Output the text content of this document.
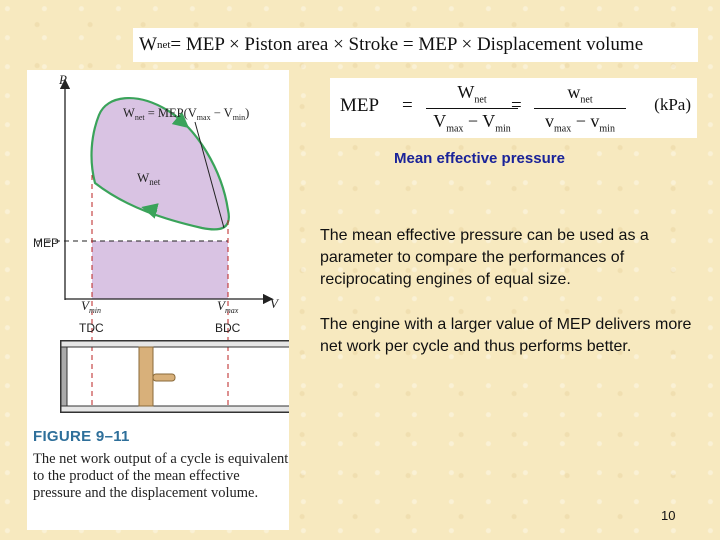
W net = MEP × Piston area × Stroke = MEP × Displacement volume
MEP =
$W_{net}$
$V_{max} - V_{min}$
=
$w_{net}$
$v_{max} - v_{min}$
(kPa)
Mean effective pressure
The mean effective pressure can be used as a parameter to compare the performances of reciprocating engines of equal size.
The engine with a larger value of MEP delivers more net work per cycle and thus performs better.
10
P
V
MEP
$W_{net}$
$W_{net} = MEP(V_{max} - V_{min})$
$V_{min}$	$V_{max}$
TDC	BDC
FIGURE 9–11
The net work output of a cycle is equivalent to the product of the mean effective pressure and the displacement volume.
